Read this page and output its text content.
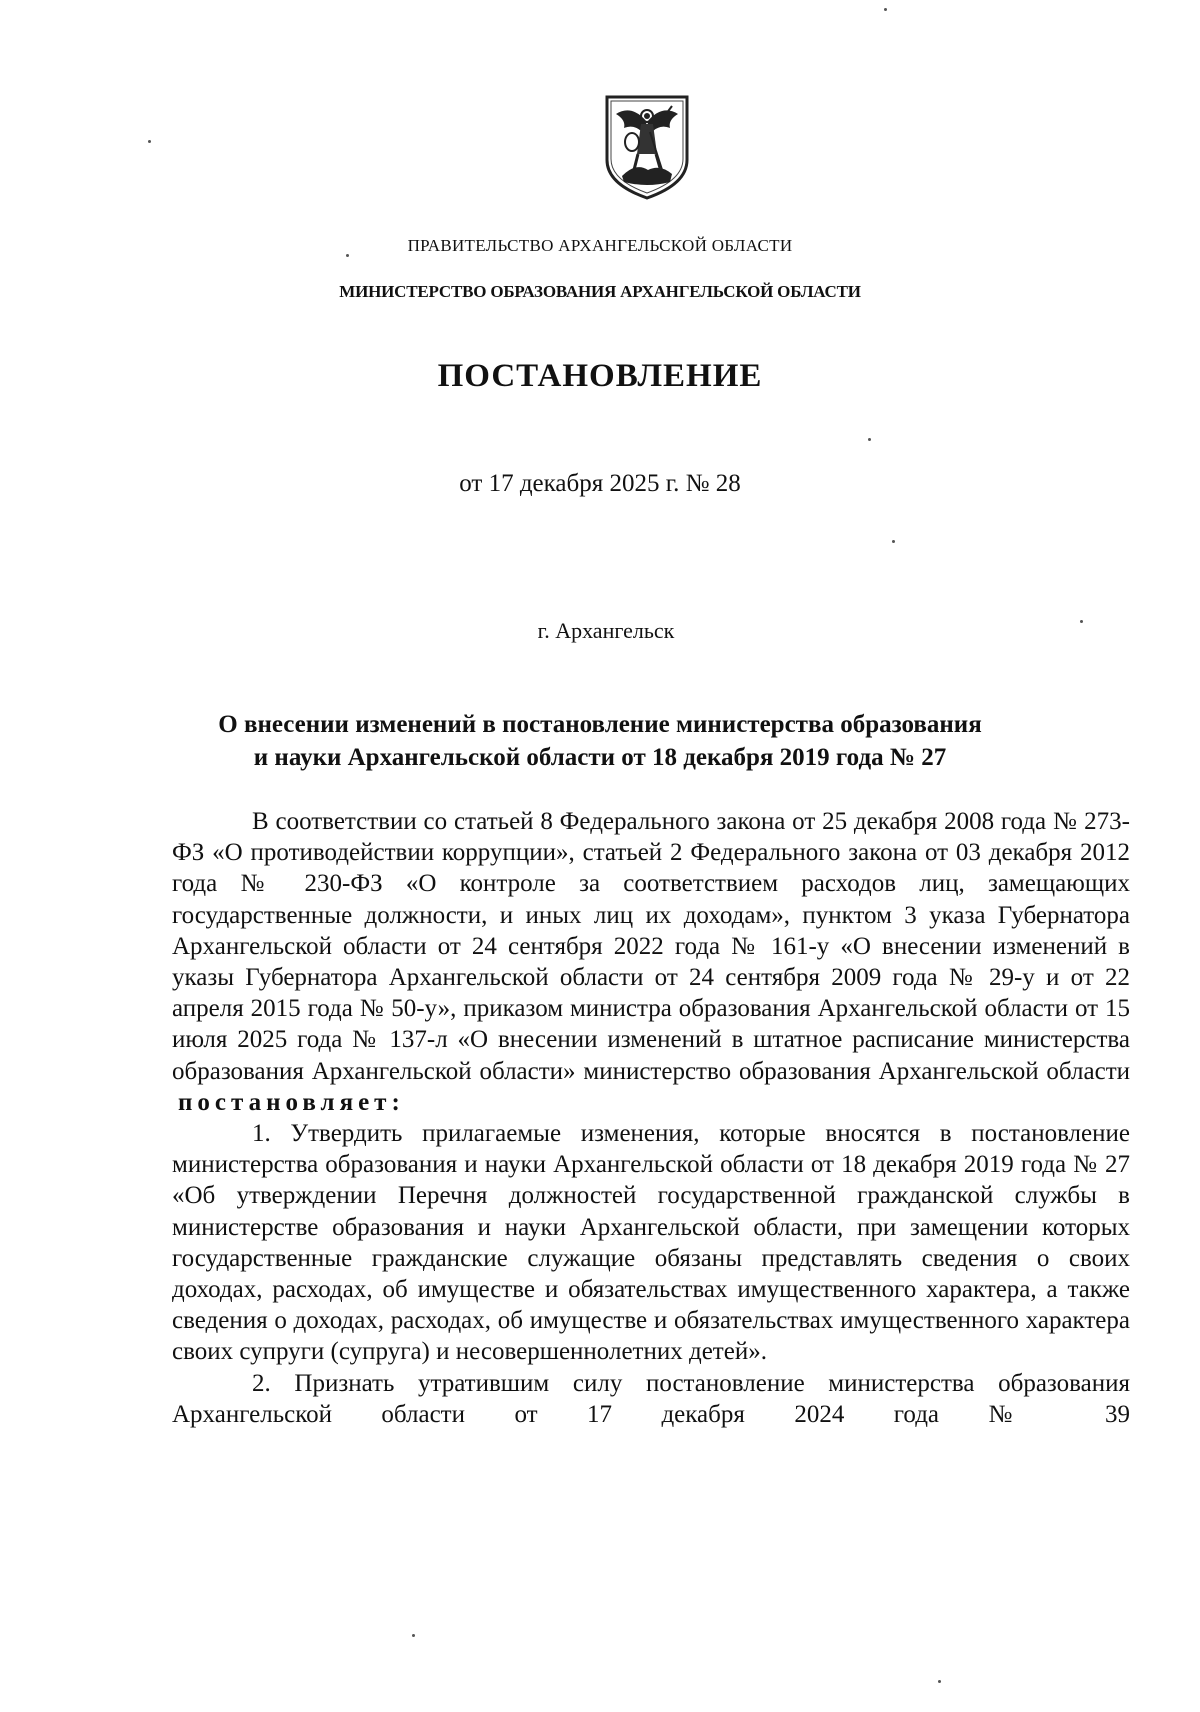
ПРАВИТЕЛЬСТВО АРХАНГЕЛЬСКОЙ ОБЛАСТИ
МИНИСТЕРСТВО ОБРАЗОВАНИЯ АРХАНГЕЛЬСКОЙ ОБЛАСТИ
ПОСТАНОВЛЕНИЕ
от 17 декабря 2025 г. № 28
г. Архангельск
О внесении изменений в постановление министерства образования
и науки Архангельской области от 18 декабря 2019 года № 27

В соответствии со статьей 8 Федерального закона от 25 декабря 2008 года № 273-ФЗ «О противодействии коррупции», статьей 2 Федерального закона от 03 декабря 2012 года № 230-ФЗ «О контроле за соответствием расходов лиц, замещающих государственные должности, и иных лиц их доходам», пунктом 3 указа Губернатора Архангельской области от 24 сентября 2022 года № 161-у «О внесении изменений в указы Губернатора Архангельской области от 24 сентября 2009 года № 29-у и от 22 апреля 2015 года № 50-у», приказом министра образования Архангельской области от 15 июля 2025 года № 137-л «О внесении изменений в штатное расписание министерства образования Архангельской области» министерство образования Архангельской области

постановляет:

1. Утвердить прилагаемые изменения, которые вносятся в постановление министерства образования и науки Архангельской области от 18 декабря 2019 года № 27 «Об утверждении Перечня должностей государственной гражданской службы в министерстве образования и науки Архангельской области, при замещении которых государственные гражданские служащие обязаны представлять сведения о своих доходах, расходах, об имуществе и обязательствах имущественного характера, а также сведения о доходах, расходах, об имуществе и обязательствах имущественного характера своих супруги (супруга) и несовершеннолетних детей».

2. Признать утратившим силу постановление министерства образования Архангельской области от 17 декабря 2024 года № 39
